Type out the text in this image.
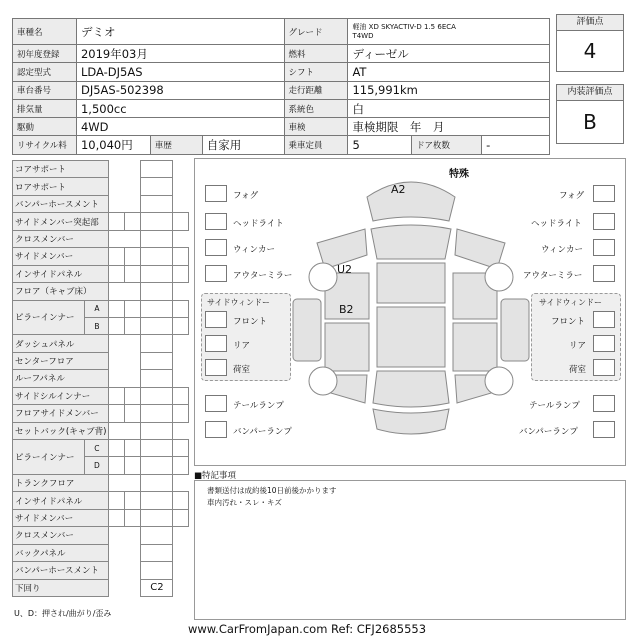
車種名	デミオ			グレード	軽油 XD SKYACTIV-D 1.5 6ECA
T4WD		
初年度登録	2019年03月			燃料	ディーゼル		
認定型式	LDA-DJ5AS			シフト	AT		
車台番号	DJ5AS-502398			走行距離	115,991km		
排気量	1,500cc			系統色	白		
駆動	4WD			車検	車検期限　年　月		
リサイクル料	10,040円	車歴	自家用	乗車定員	5	ドア枚数	-
評価点
4
内装評価点
B
コアサポート					
ロアサポート					
バンパーホースメント					
サイドメンバー突起部					
クロスメンバー					
サイドメンバー					
インサイドパネル					
フロア（キャブ床）					
ピラーインナー	A				
	B				
ダッシュパネル					
センターフロア					
ルーフパネル					
サイドシルインナー					
フロアサイドメンバー					
セットバック(キャブ背)					
ピラーインナー	C				
	D				
トランクフロア					
インサイドパネル					
サイドメンバー					
クロスメンバー					
バックパネル					
バンパーホースメント					
下回り				C2	
U、D：押され/曲がり/歪み
特殊
A2
U2
B2
フォグ
ヘッドライト
ウィンカー
アウターミラー
サイドウィンドー
フロント
リア
荷室
テールランプ
バンパーランプ
フォグ
ヘッドライト
ウィンカー
アウターミラー
サイドウィンドー
フロント
リア
荷室
テールランプ
バンパーランプ
■特記事項
書類送付は成約後10日前後かかります
車内汚れ・スレ・キズ
www.CarFromJapan.com Ref: CFJ2685553
